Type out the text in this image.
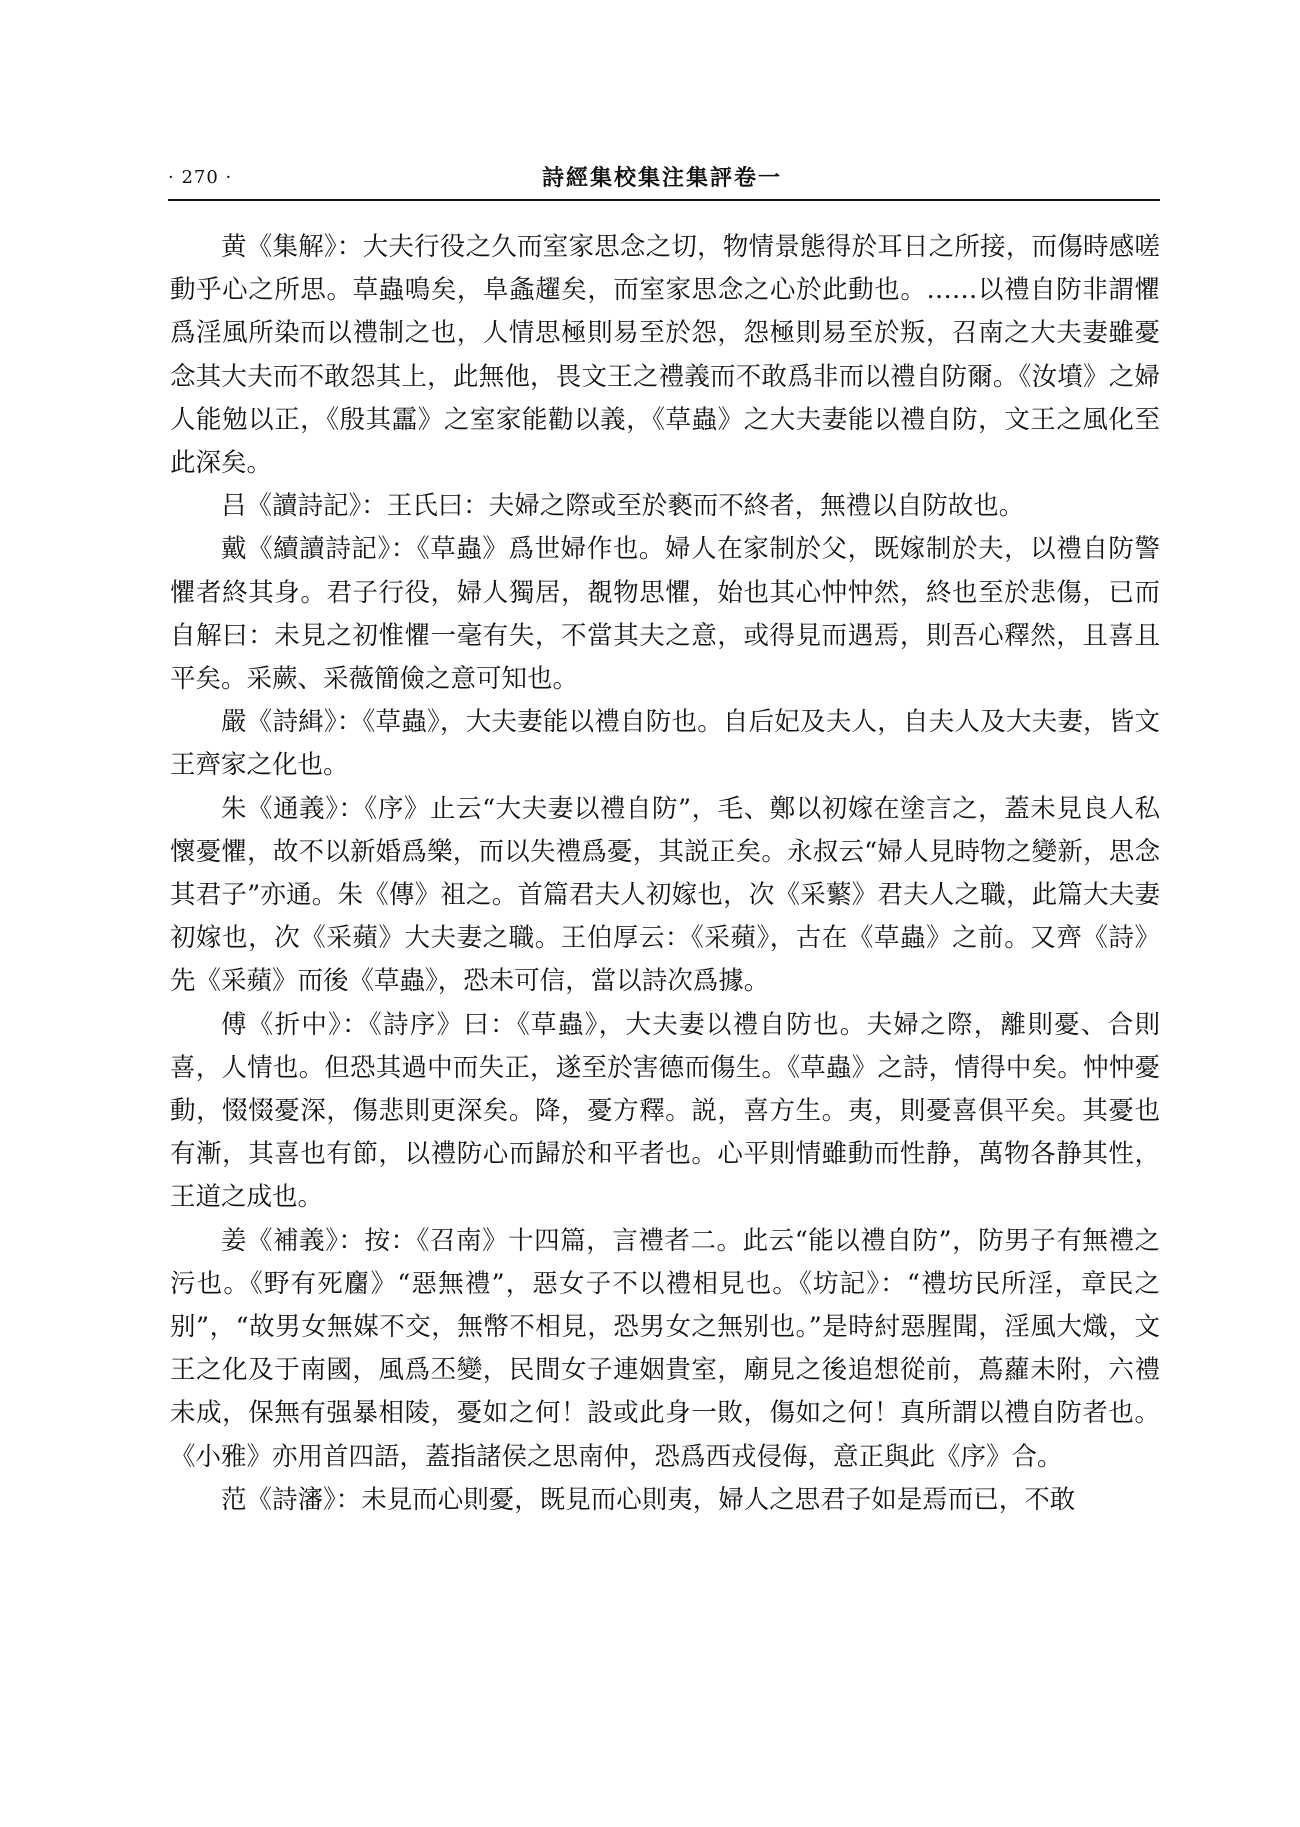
· 270 ·	詩經集校集注集評卷一

黄《集解》：大夫行役之久而室家思念之切，物情景態得於耳日之所接，而傷時感嗟動乎心之所思。草蟲鳴矣，阜螽趯矣，而室家思念之心於此動也。……以禮自防非謂懼爲淫風所染而以禮制之也，人情思極則易至於怨，怨極則易至於叛，召南之大夫妻雖憂念其大夫而不敢怨其上，此無他，畏文王之禮義而不敢爲非而以禮自防爾。《汝墳》之婦人能勉以正，《殷其靁》之室家能勸以義，《草蟲》之大夫妻能以禮自防，文王之風化至此深矣。

吕《讀詩記》：王氏曰：夫婦之際或至於褻而不終者，無禮以自防故也。

戴《續讀詩記》：《草蟲》爲世婦作也。婦人在家制於父，既嫁制於夫，以禮自防警懼者終其身。君子行役，婦人獨居，覩物思懼，始也其心忡忡然，終也至於悲傷，已而自解曰：未見之初惟懼一毫有失，不當其夫之意，或得見而遇焉，則吾心釋然，且喜且平矣。采蕨、采薇簡儉之意可知也。

嚴《詩緝》：《草蟲》，大夫妻能以禮自防也。自后妃及夫人，自夫人及大夫妻，皆文王齊家之化也。

朱《通義》：《序》止云“大夫妻以禮自防”，毛、鄭以初嫁在塗言之，蓋未見良人私懷憂懼，故不以新婚爲樂，而以失禮爲憂，其説正矣。永叔云“婦人見時物之變新，思念其君子”亦通。朱《傳》祖之。首篇君夫人初嫁也，次《采蘩》君夫人之職，此篇大夫妻初嫁也，次《采蘋》大夫妻之職。王伯厚云：《采蘋》，古在《草蟲》之前。又齊《詩》先《采蘋》而後《草蟲》，恐未可信，當以詩次爲據。

傅《折中》：《詩序》曰：《草蟲》，大夫妻以禮自防也。夫婦之際，離則憂、合則喜，人情也。但恐其過中而失正，遂至於害德而傷生。《草蟲》之詩，情得中矣。忡忡憂動，惙惙憂深，傷悲則更深矣。降，憂方釋。説，喜方生。夷，則憂喜俱平矣。其憂也有漸，其喜也有節，以禮防心而歸於和平者也。心平則情雖動而性静，萬物各静其性，王道之成也。

姜《補義》：按：《召南》十四篇，言禮者二。此云“能以禮自防”，防男子有無禮之污也。《野有死麕》“惡無禮”，惡女子不以禮相見也。《坊記》：“禮坊民所淫，章民之别”，“故男女無媒不交，無幣不相見，恐男女之無别也。”是時紂惡腥聞，淫風大熾，文王之化及于南國，風爲丕變，民間女子連姻貴室，廟見之後追想從前，蔦蘿未附，六禮未成，保無有强暴相陵，憂如之何！設或此身一敗，傷如之何！真所謂以禮自防者也。《小雅》亦用首四語，蓋指諸侯之思南仲，恐爲西戎侵侮，意正與此《序》合。

范《詩瀋》：未見而心則憂，既見而心則夷，婦人之思君子如是焉而已，不敢
